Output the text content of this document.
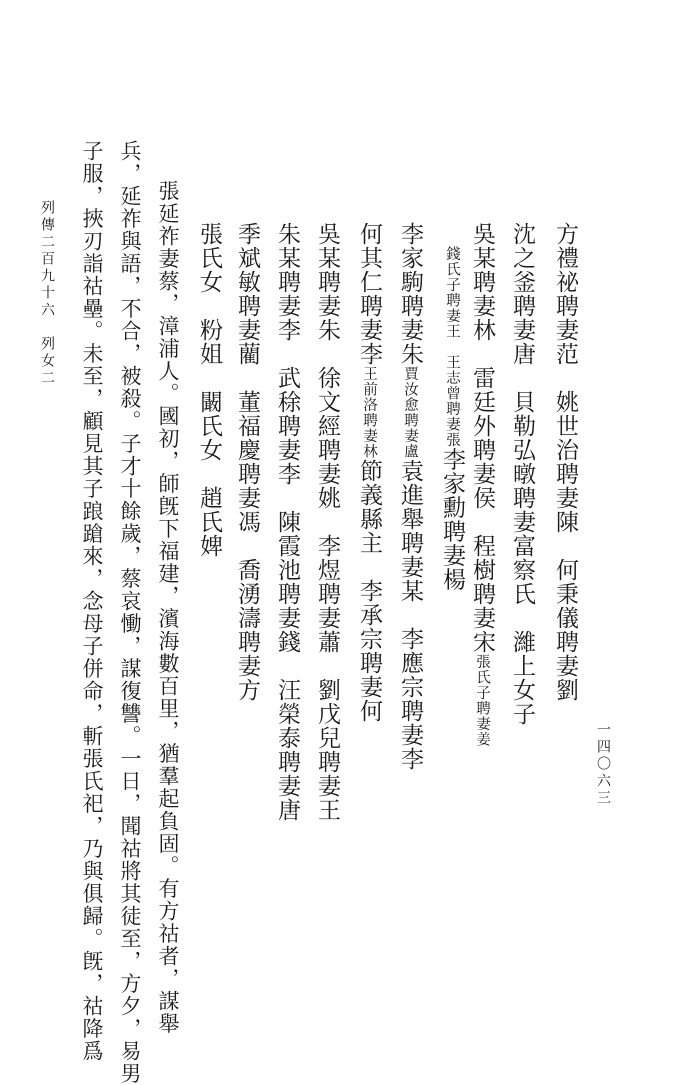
方禮祕聘妻范　姚世治聘妻陳　何秉儀聘妻劉
沈之釜聘妻唐　貝勒弘暾聘妻富察氏　濰上女子
吳某聘妻林　雷廷外聘妻侯　程樹聘妻宋張氏子聘妻姜
錢氏子聘妻王　王志曾聘妻張李家勳聘妻楊
李家駒聘妻朱賈汝愈聘妻盧袁進舉聘妻某　李應宗聘妻李
何其仁聘妻李王前洛聘妻林節義縣主　李承宗聘妻何
吳某聘妻朱　徐文經聘妻姚　李煜聘妻蕭　劉戊兒聘妻王
朱某聘妻李　武稌聘妻李　陳霞池聘妻錢　汪榮泰聘妻唐
季斌敏聘妻藺　董福慶聘妻馮　喬湧濤聘妻方
張氏女　粉姐　闞氏女　趙氏婢
張延祚妻蔡，漳浦人。國初，師旣下福建，濱海數百里，猶羣起負固。有方祜者，謀舉
兵，延祚與語，不合，被殺。子才十餘歲，蔡哀慟，謀復讐。一日，聞祜將其徒至，方夕，易男
子服，挾刃詣祜壘。未至，顧見其子踉蹌來，念母子併命，斬張氏祀，乃與俱歸。旣，祜降爲
列傳二百九十六　列女二
一四〇六三
